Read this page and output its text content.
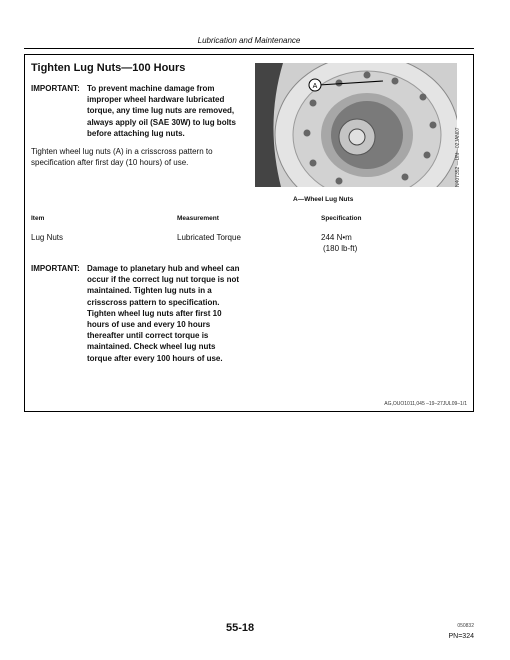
Lubrication and Maintenance
Tighten Lug Nuts—100 Hours
IMPORTANT: To prevent machine damage from
improper wheel hardware lubricated
torque, any time lug nuts are removed,
always apply oil (SAE 30W) to lug bolts
before attaching lug nuts.
Tighten wheel lug nuts (A) in a crisscross pattern to
specification after first day (10 hours) of use.
A
N407352 —UN—02JAN07
A—Wheel Lug Nuts
Item	Measurement	Specification
Lug Nuts	Lubricated Torque	244 N•m
(180 lb-ft)
IMPORTANT: Damage to planetary hub and wheel can
occur if the correct lug nut torque is not
maintained. Tighten lug nuts in a
crisscross pattern to specification.
Tighten wheel lug nuts after first 10
hours of use and every 10 hours
thereafter until correct torque is
maintained. Check wheel lug nuts
torque after every 100 hours of use.
AG,OUO1011,045 –19–27JUL09–1/1
55-18	050832
PN=324
